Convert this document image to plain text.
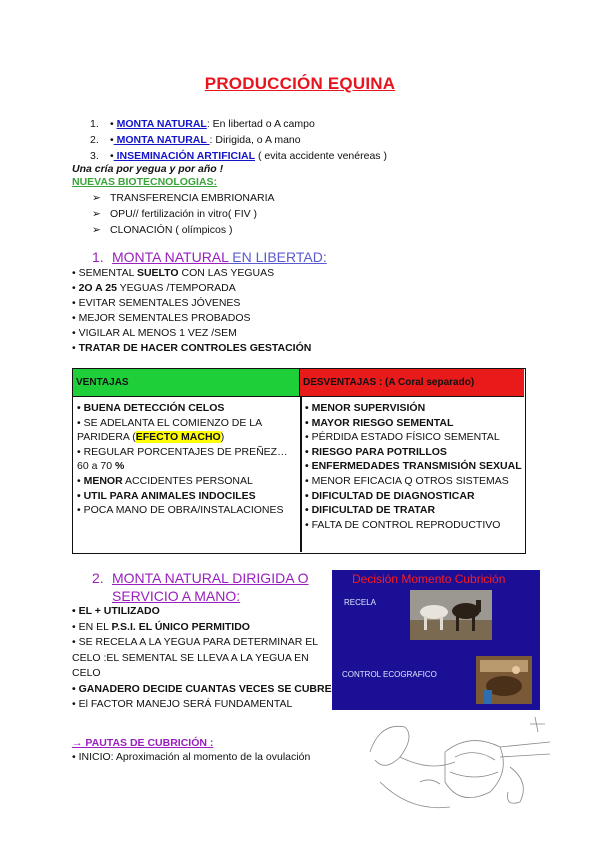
PRODUCCIÓN EQUINA
1. • MONTA NATURAL: En libertad o A campo
2. • MONTA NATURAL : Dirigida, o A mano
3. • INSEMINACIÓN ARTIFICIAL ( evita accidente venéreas )
Una cría por yegua y por año !
NUEVAS BIOTECNOLOGIAS:
➢ TRANSFERENCIA EMBRIONARIA
➢ OPU// fertilización in vitro( FIV )
➢ CLONACIÓN ( olímpicos )
1. MONTA NATURAL EN LIBERTAD:
• SEMENTAL SUELTO CON LAS YEGUAS
• 2O A 25 YEGUAS /TEMPORADA
• EVITAR SEMENTALES JÓVENES
• MEJOR SEMENTALES PROBADOS
• VIGILAR AL MENOS 1 VEZ /SEM
• TRATAR DE HACER CONTROLES GESTACIÓN
VENTAJAS	DESVENTAJAS : (A Coral separado)
• BUENA DETECCIÓN CELOS
• SE ADELANTA EL COMIENZO DE LA PARIDERA (EFECTO MACHO)
• REGULAR PORCENTAJES DE PREÑEZ…60 a 70 %
• MENOR ACCIDENTES PERSONAL
• UTIL PARA ANIMALES INDOCILES
• POCA MANO DE OBRA/INSTALACIONES
• MENOR SUPERVISIÓN
• MAYOR RIESGO SEMENTAL
• PÉRDIDA ESTADO FÍSICO SEMENTAL
• RIESGO PARA POTRILLOS
• ENFERMEDADES TRANSMISIÓN SEXUAL
• MENOR EFICACIA Q OTROS SISTEMAS
• DIFICULTAD DE DIAGNOSTICAR
• DIFICULTAD DE TRATAR
• FALTA DE CONTROL REPRODUCTIVO
2. MONTA NATURAL DIRIGIDA O
SERVICIO A MANO:
• EL + UTILIZADO
• EN EL P.S.I. EL ÚNICO PERMITIDO
• SE RECELA A LA YEGUA PARA DETERMINAR EL CELO :EL SEMENTAL SE LLEVA A LA YEGUA EN CELO
• GANADERO DECIDE CUANTAS VECES SE CUBRE
• El FACTOR MANEJO SERÁ FUNDAMENTAL
→ PAUTAS DE CUBRICIÓN :
• INICIO: Aproximación al momento de la ovulación
Decisión Momento Cubrición
RECELA
CONTROL ECOGRAFICO
